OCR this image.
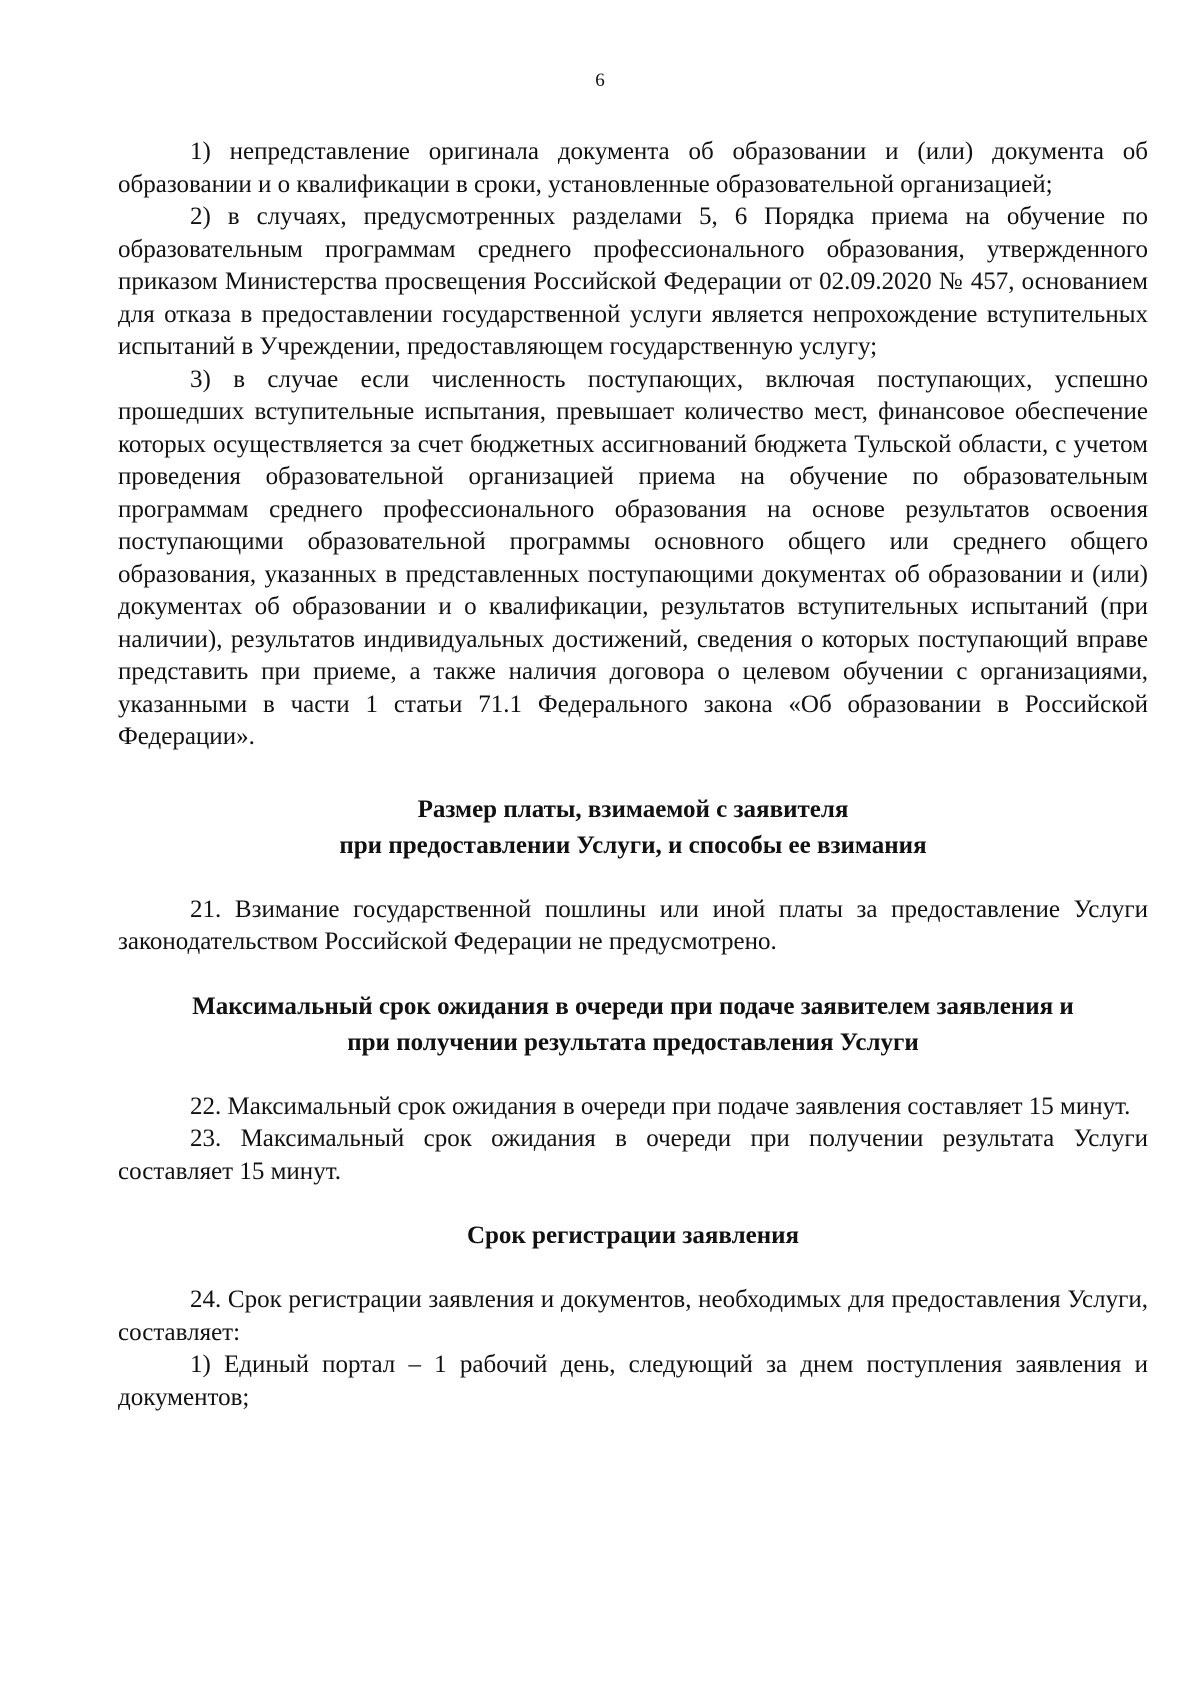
6

1) непредставление оригинала документа об образовании и (или) документа об образовании и о квалификации в сроки, установленные образовательной организацией;

2) в случаях, предусмотренных разделами 5, 6 Порядка приема на обучение по образовательным программам среднего профессионального образования, утвержденного приказом Министерства просвещения Российской Федерации от 02.09.2020 № 457, основанием для отказа в предоставлении государственной услуги является непрохождение вступительных испытаний в Учреждении, предоставляющем государственную услугу;

3) в случае если численность поступающих, включая поступающих, успешно прошедших вступительные испытания, превышает количество мест, финансовое обеспечение которых осуществляется за счет бюджетных ассигнований бюджета Тульской области, с учетом проведения образовательной организацией приема на обучение по образовательным программам среднего профессионального образования на основе результатов освоения поступающими образовательной программы основного общего или среднего общего образования, указанных в представленных поступающими документах об образовании и (или) документах об образовании и о квалификации, результатов вступительных испытаний (при наличии), результатов индивидуальных достижений, сведения о которых поступающий вправе представить при приеме, а также наличия договора о целевом обучении с организациями, указанными в части 1 статьи 71.1 Федерального закона «Об образовании в Российской Федерации».

Размер платы, взимаемой с заявителя

при предоставлении Услуги, и способы ее взимания

21. Взимание государственной пошлины или иной платы за предоставление Услуги законодательством Российской Федерации не предусмотрено.

Максимальный срок ожидания в очереди при подаче заявителем заявления и

при получении результата предоставления Услуги

22. Максимальный срок ожидания в очереди при подаче заявления составляет 15 минут.

23. Максимальный срок ожидания в очереди при получении результата Услуги составляет 15 минут.

Срок регистрации заявления

24. Срок регистрации заявления и документов, необходимых для предоставления Услуги, составляет:

1) Единый портал – 1 рабочий день, следующий за днем поступления заявления и документов;
